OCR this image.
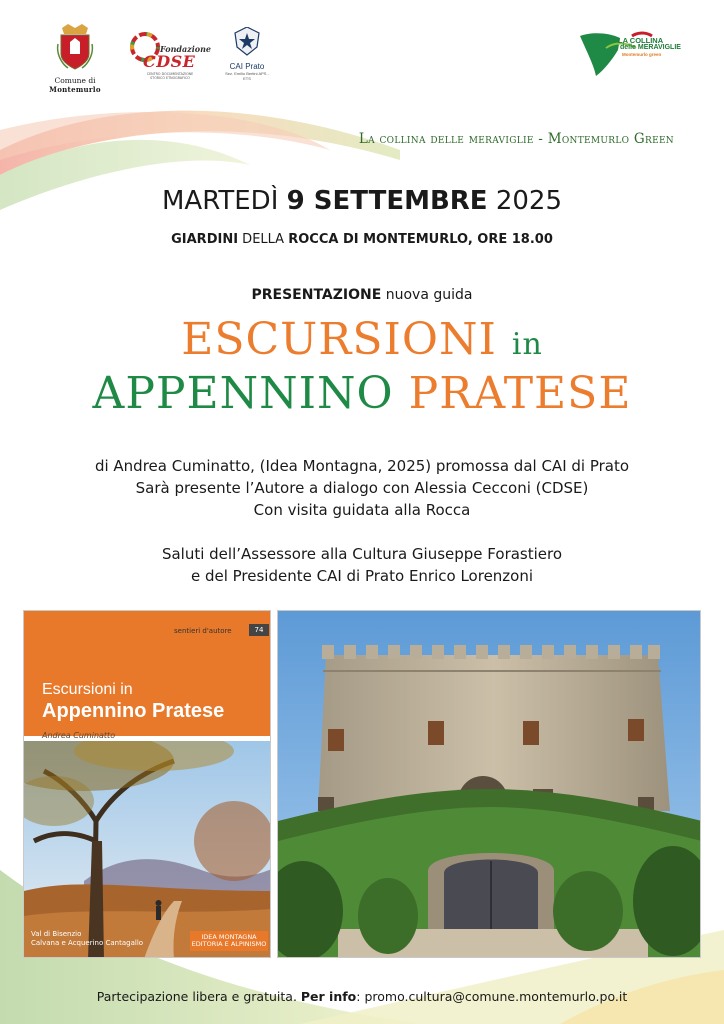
Comune di
Montemurlo
Fondazione
CDSE
CENTRO DOCUMENTAZIONE STORICO ETNOGRAFICO
CAI Prato
Sez. Emilio Bertini APS - ETS
LA COLLINA
delle MERAVIGLIE
Montemurlo green
La collina delle meraviglie - Montemurlo Green
MARTEDÌ 9 SETTEMBRE 2025
GIARDINI DELLA ROCCA DI MONTEMURLO, ORE 18.00
PRESENTAZIONE nuova guida
ESCURSIONI in
APPENNINO PRATESE
di Andrea Cuminatto, (Idea Montagna, 2025) promossa dal CAI di Prato
Sarà presente l’Autore a dialogo con Alessia Cecconi (CDSE)
Con visita guidata alla Rocca
Saluti dell’Assessore alla Cultura Giuseppe Forastiero
e del Presidente CAI di Prato Enrico Lorenzoni
sentieri d'autore	74
Escursioni in
Appennino Pratese
Andrea Cuminatto
Val di Bisenzio
Calvana e Acquerino Cantagallo
IDEA MONTAGNA EDITORIA E ALPINISMO
Partecipazione libera e gratuita. Per info: promo.cultura@comune.montemurlo.po.it
